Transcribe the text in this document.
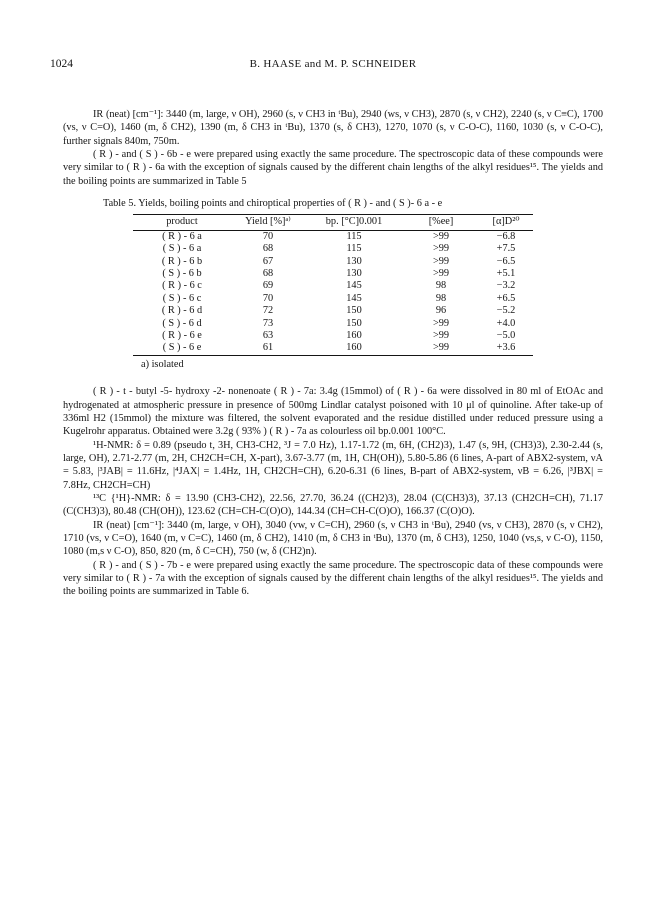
1024	B. HAASE and M. P. SCHNEIDER

IR (neat) [cm⁻¹]: 3440 (m, large, ν OH), 2960 (s, ν CH3 in ᵗBu), 2940 (ws, ν CH3), 2870 (s, ν CH2), 2240 (s, ν C≡C), 1700 (vs, ν C=O), 1460 (m, δ CH2), 1390 (m, δ CH3 in ᵗBu), 1370 (s, δ CH3), 1270, 1070 (s, ν C-O-C), 1160, 1030 (s, ν C-O-C), further signals 840m, 750m.

( R ) - and ( S ) - 6b - e were prepared using exactly the same procedure. The spectroscopic data of these compounds were very similar to ( R ) - 6a with the exception of signals caused by the different chain lengths of the alkyl residues¹⁵. The yields and the boiling points are summarized in Table 5

Table 5. Yields, boiling points and chiroptical properties of ( R ) - and ( S )- 6 a - e
product	Yield [%]ᵃ⁾	bp. [°C]0.001	[%ee]	[α]D²⁰
( R ) - 6 a	70	115	>99	−6.8
( S ) - 6 a	68	115	>99	+7.5
( R ) - 6 b	67	130	>99	−6.5
( S ) - 6 b	68	130	>99	+5.1
( R ) - 6 c	69	145	98	−3.2
( S ) - 6 c	70	145	98	+6.5
( R ) - 6 d	72	150	96	−5.2
( S ) - 6 d	73	150	>99	+4.0
( R ) - 6 e	63	160	>99	−5.0
( S ) - 6 e	61	160	>99	+3.6
a) isolated

( R ) - t - butyl -5- hydroxy -2- nonenoate ( R ) - 7a: 3.4g (15mmol) of ( R ) - 6a were dissolved in 80 ml of EtOAc and hydrogenated at atmospheric pressure in presence of 500mg Lindlar catalyst poisoned with 10 μl of quinoline. After take-up of 336ml H2 (15mmol) the mixture was filtered, the solvent evaporated and the residue distilled under reduced pressure using a Kugelrohr apparatus. Obtained were 3.2g ( 93% ) ( R ) - 7a as colourless oil bp.0.001 100°C.

¹H-NMR: δ = 0.89 (pseudo t, 3H, CH3-CH2, ³J = 7.0 Hz), 1.17-1.72 (m, 6H, (CH2)3), 1.47 (s, 9H, (CH3)3), 2.30-2.44 (s, large, OH), 2.71-2.77 (m, 2H, CH2CH=CH, X-part), 3.67-3.77 (m, 1H, CH(OH)), 5.80-5.86 (6 lines, A-part of ABX2-system, νA = 5.83, |³JAB| = 11.6Hz, |⁴JAX| = 1.4Hz, 1H, CH2CH=CH), 6.20-6.31 (6 lines, B-part of ABX2-system, νB = 6.26, |³JBX| = 7.8Hz, CH2CH=CH)

¹³C {¹H}-NMR: δ = 13.90 (CH3-CH2), 22.56, 27.70, 36.24 ((CH2)3), 28.04 (C(CH3)3), 37.13 (CH2CH=CH), 71.17 (C(CH3)3), 80.48 (CH(OH)), 123.62 (CH=CH-C(O)O), 144.34 (CH=CH-C(O)O), 166.37 (C(O)O).

IR (neat) [cm⁻¹]: 3440 (m, large, ν OH), 3040 (vw, ν C=CH), 2960 (s, ν CH3 in ᵗBu), 2940 (vs, ν CH3), 2870 (s, ν CH2), 1710 (vs, ν C=O), 1640 (m, ν C=C), 1460 (m, δ CH2), 1410 (m, δ CH3 in ᵗBu), 1370 (m, δ CH3), 1250, 1040 (vs,s, ν C-O), 1150, 1080 (m,s ν C-O), 850, 820 (m, δ C=CH), 750 (w, δ (CH2)n).

( R ) - and ( S ) - 7b - e were prepared using exactly the same procedure. The spectroscopic data of these compounds were very similar to ( R ) - 7a with the exception of signals caused by the different chain lengths of the alkyl residues¹⁵. The yields and the boiling points are summarized in Table 6.
